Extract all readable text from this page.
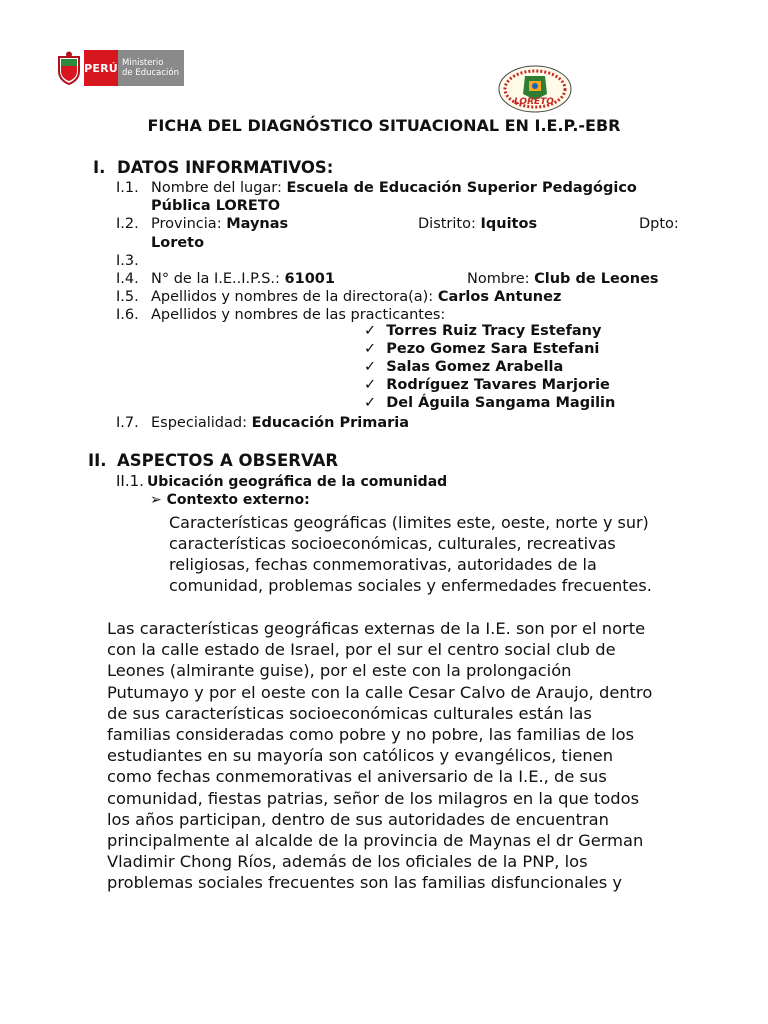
PERÚ Ministerio
de Educación
LORETO
FICHA DEL DIAGNÓSTICO SITUACIONAL EN I.E.P.-EBR
I. DATOS INFORMATIVOS:
I.1. Nombre del lugar: Escuela de Educación Superior Pedagógico
Pública LORETO
I.2. Provincia: Maynas	Distrito: Iquitos	Dpto:
Loreto
I.3.
I.4. N° de la I.E..I.P.S.: 61001	Nombre: Club de Leones
I.5. Apellidos y nombres de la directora(a): Carlos Antunez
I.6. Apellidos y nombres de las practicantes:
✓ Torres Ruiz Tracy Estefany
✓ Pezo Gomez Sara Estefani
✓ Salas Gomez Arabella
✓ Rodríguez Tavares Marjorie
✓ Del Águila Sangama Magilin
I.7. Especialidad: Educación Primaria
II. ASPECTOS A OBSERVAR
II.1. Ubicación geográfica de la comunidad
➢ Contexto externo:
Características geográficas (limites este, oeste, norte y sur)
características socioeconómicas, culturales, recreativas
religiosas, fechas conmemorativas, autoridades de la
comunidad, problemas sociales y enfermedades frecuentes.
Las características geográficas externas de la I.E. son por el norte
con la calle estado de Israel, por el sur el centro social club de
Leones (almirante guise), por el este con la prolongación
Putumayo y por el oeste con la calle Cesar Calvo de Araujo, dentro
de sus características socioeconómicas culturales están las
familias consideradas como pobre y no pobre, las familias de los
estudiantes en su mayoría son católicos y evangélicos, tienen
como fechas conmemorativas el aniversario de la I.E., de sus
comunidad, fiestas patrias, señor de los milagros en la que todos
los años participan, dentro de sus autoridades de encuentran
principalmente al alcalde de la provincia de Maynas el dr German
Vladimir Chong Ríos, además de los oficiales de la PNP, los
problemas sociales frecuentes son las familias disfuncionales y
